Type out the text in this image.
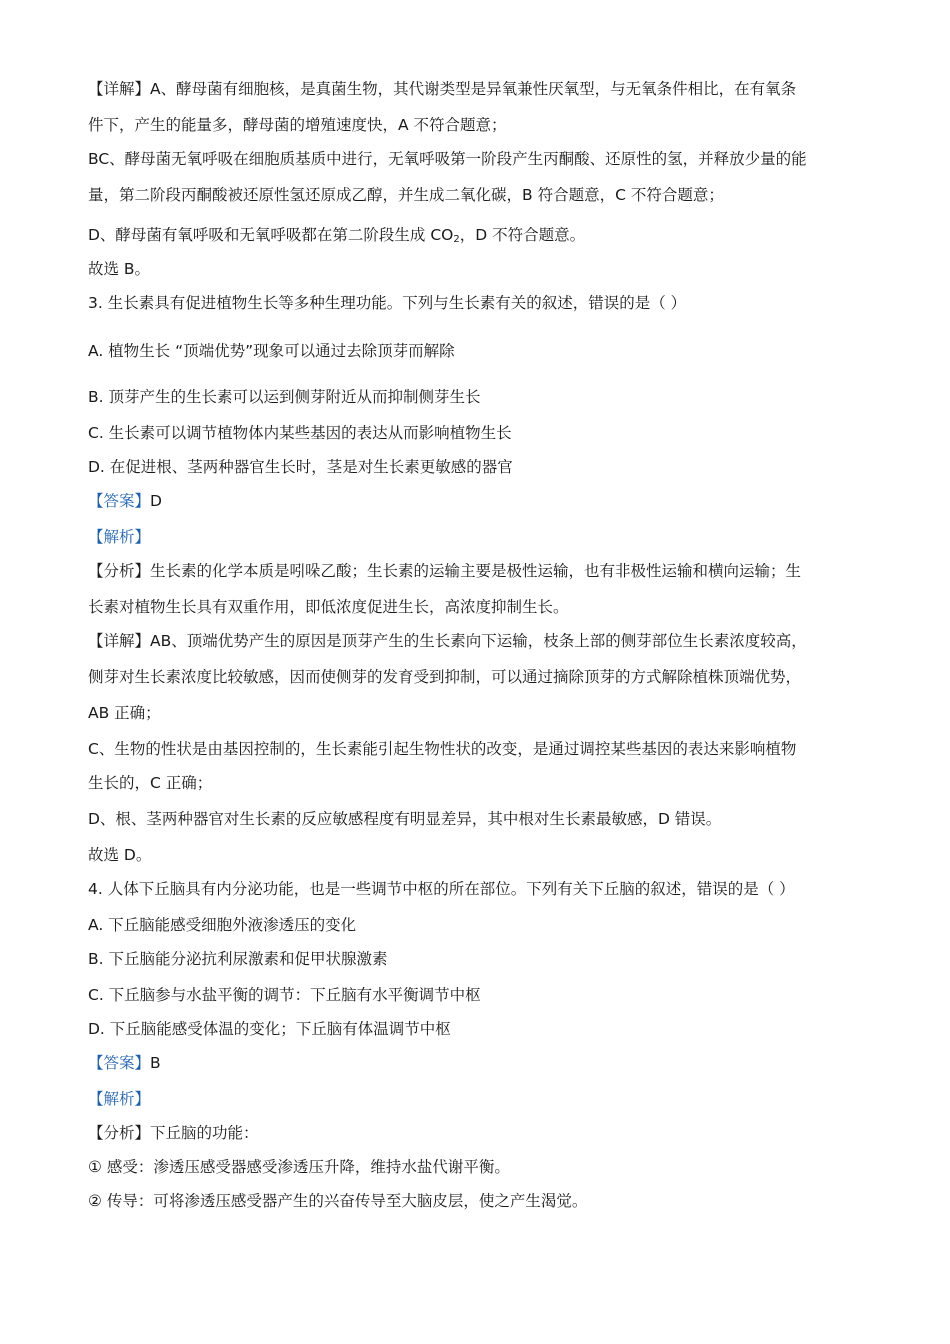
【详解】A、酵母菌有细胞核，是真菌生物，其代谢类型是异氧兼性厌氧型，与无氧条件相比，在有氧条
件下，产生的能量多，酵母菌的增殖速度快，A 不符合题意；
BC、酵母菌无氧呼吸在细胞质基质中进行，无氧呼吸第一阶段产生丙酮酸、还原性的氢，并释放少量的能
量，第二阶段丙酮酸被还原性氢还原成乙醇，并生成二氧化碳，B 符合题意，C 不符合题意；
D、酵母菌有氧呼吸和无氧呼吸都在第二阶段生成 $CO_2$，D 不符合题意。
故选 B。
3. 生长素具有促进植物生长等多种生理功能。下列与生长素有关的叙述，错误的是（ ）
A. 植物生长 “顶端优势”现象可以通过去除顶芽而解除
B. 顶芽产生的生长素可以运到侧芽附近从而抑制侧芽生长
C. 生长素可以调节植物体内某些基因的表达从而影响植物生长
D. 在促进根、茎两种器官生长时，茎是对生长素更敏感的器官
【答案】D
【解析】
【分析】生长素的化学本质是吲哚乙酸；生长素的运输主要是极性运输，也有非极性运输和横向运输；生
长素对植物生长具有双重作用，即低浓度促进生长，高浓度抑制生长。
【详解】AB、顶端优势产生的原因是顶芽产生的生长素向下运输，枝条上部的侧芽部位生长素浓度较高，
侧芽对生长素浓度比较敏感，因而使侧芽的发育受到抑制，可以通过摘除顶芽的方式解除植株顶端优势，
AB 正确；
C、生物的性状是由基因控制的，生长素能引起生物性状的改变，是通过调控某些基因的表达来影响植物
生长的，C 正确；
D、根、茎两种器官对生长素的反应敏感程度有明显差异，其中根对生长素最敏感，D 错误。
故选 D。
4. 人体下丘脑具有内分泌功能，也是一些调节中枢的所在部位。下列有关下丘脑的叙述，错误的是（ ）
A. 下丘脑能感受细胞外液渗透压的变化
B. 下丘脑能分泌抗利尿激素和促甲状腺激素
C. 下丘脑参与水盐平衡的调节：下丘脑有水平衡调节中枢
D. 下丘脑能感受体温的变化；下丘脑有体温调节中枢
【答案】B
【解析】
【分析】下丘脑的功能：
① 感受：渗透压感受器感受渗透压升降，维持水盐代谢平衡。
② 传导：可将渗透压感受器产生的兴奋传导至大脑皮层，使之产生渴觉。
